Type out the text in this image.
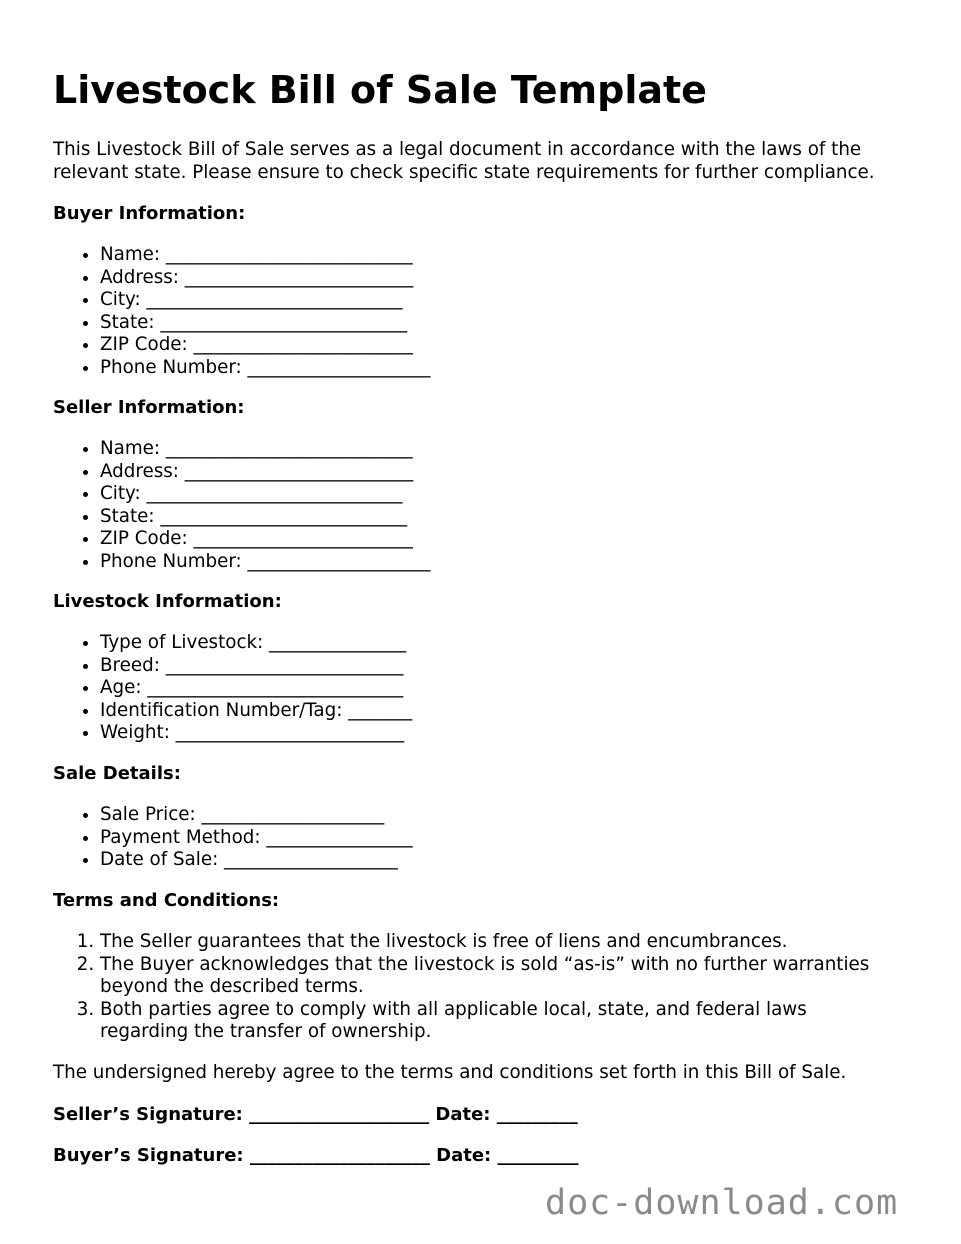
Livestock Bill of Sale Template

This Livestock Bill of Sale serves as a legal document in accordance with the laws of the relevant state. Please ensure to check specific state requirements for further compliance.

Buyer Information:

• Name: ___________________________
• Address: _________________________
• City: ____________________________
• State: ___________________________
• ZIP Code: ________________________
• Phone Number: ____________________

Seller Information:

• Name: ___________________________
• Address: _________________________
• City: ____________________________
• State: ___________________________
• ZIP Code: ________________________
• Phone Number: ____________________

Livestock Information:

• Type of Livestock: _______________
• Breed: __________________________
• Age: ____________________________
• Identification Number/Tag: _______
• Weight: _________________________

Sale Details:

• Sale Price: ____________________
• Payment Method: ________________
• Date of Sale: ___________________

Terms and Conditions:

1. The Seller guarantees that the livestock is free of liens and encumbrances.
2. The Buyer acknowledges that the livestock is sold “as-is” with no further warranties beyond the described terms.
3. Both parties agree to comply with all applicable local, state, and federal laws regarding the transfer of ownership.

The undersigned hereby agree to the terms and conditions set forth in this Bill of Sale.

Seller’s Signature: ____________________ Date: _________

Buyer’s Signature: ____________________ Date: _________

doc-download.com
